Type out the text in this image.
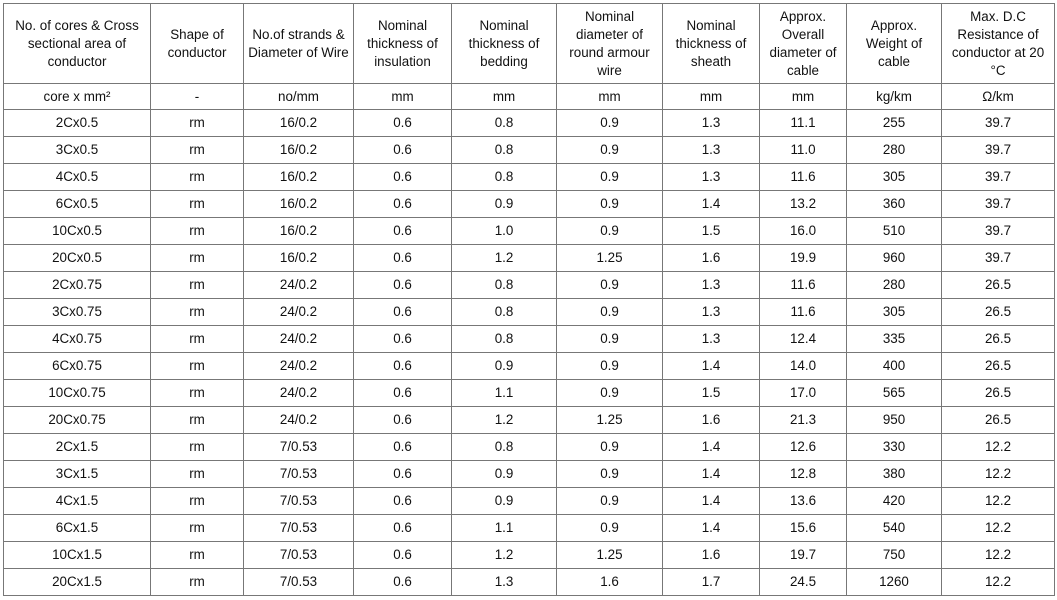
No. of cores & Cross sectional area of conductor	Shape of conductor	No.of strands & Diameter of Wire	Nominal thickness of insulation	Nominal thickness of bedding	Nominal diameter of round armour wire	Nominal thickness of sheath	Approx. Overall diameter of cable	Approx. Weight of cable	Max. D.C Resistance of conductor at 20 °C
core x mm²	-	no/mm	mm	mm	mm	mm	mm	kg/km	Ω/km
2Cx0.5	rm	16/0.2	0.6	0.8	0.9	1.3	11.1	255	39.7
3Cx0.5	rm	16/0.2	0.6	0.8	0.9	1.3	11.0	280	39.7
4Cx0.5	rm	16/0.2	0.6	0.8	0.9	1.3	11.6	305	39.7
6Cx0.5	rm	16/0.2	0.6	0.9	0.9	1.4	13.2	360	39.7
10Cx0.5	rm	16/0.2	0.6	1.0	0.9	1.5	16.0	510	39.7
20Cx0.5	rm	16/0.2	0.6	1.2	1.25	1.6	19.9	960	39.7
2Cx0.75	rm	24/0.2	0.6	0.8	0.9	1.3	11.6	280	26.5
3Cx0.75	rm	24/0.2	0.6	0.8	0.9	1.3	11.6	305	26.5
4Cx0.75	rm	24/0.2	0.6	0.8	0.9	1.3	12.4	335	26.5
6Cx0.75	rm	24/0.2	0.6	0.9	0.9	1.4	14.0	400	26.5
10Cx0.75	rm	24/0.2	0.6	1.1	0.9	1.5	17.0	565	26.5
20Cx0.75	rm	24/0.2	0.6	1.2	1.25	1.6	21.3	950	26.5
2Cx1.5	rm	7/0.53	0.6	0.8	0.9	1.4	12.6	330	12.2
3Cx1.5	rm	7/0.53	0.6	0.9	0.9	1.4	12.8	380	12.2
4Cx1.5	rm	7/0.53	0.6	0.9	0.9	1.4	13.6	420	12.2
6Cx1.5	rm	7/0.53	0.6	1.1	0.9	1.4	15.6	540	12.2
10Cx1.5	rm	7/0.53	0.6	1.2	1.25	1.6	19.7	750	12.2
20Cx1.5	rm	7/0.53	0.6	1.3	1.6	1.7	24.5	1260	12.2
